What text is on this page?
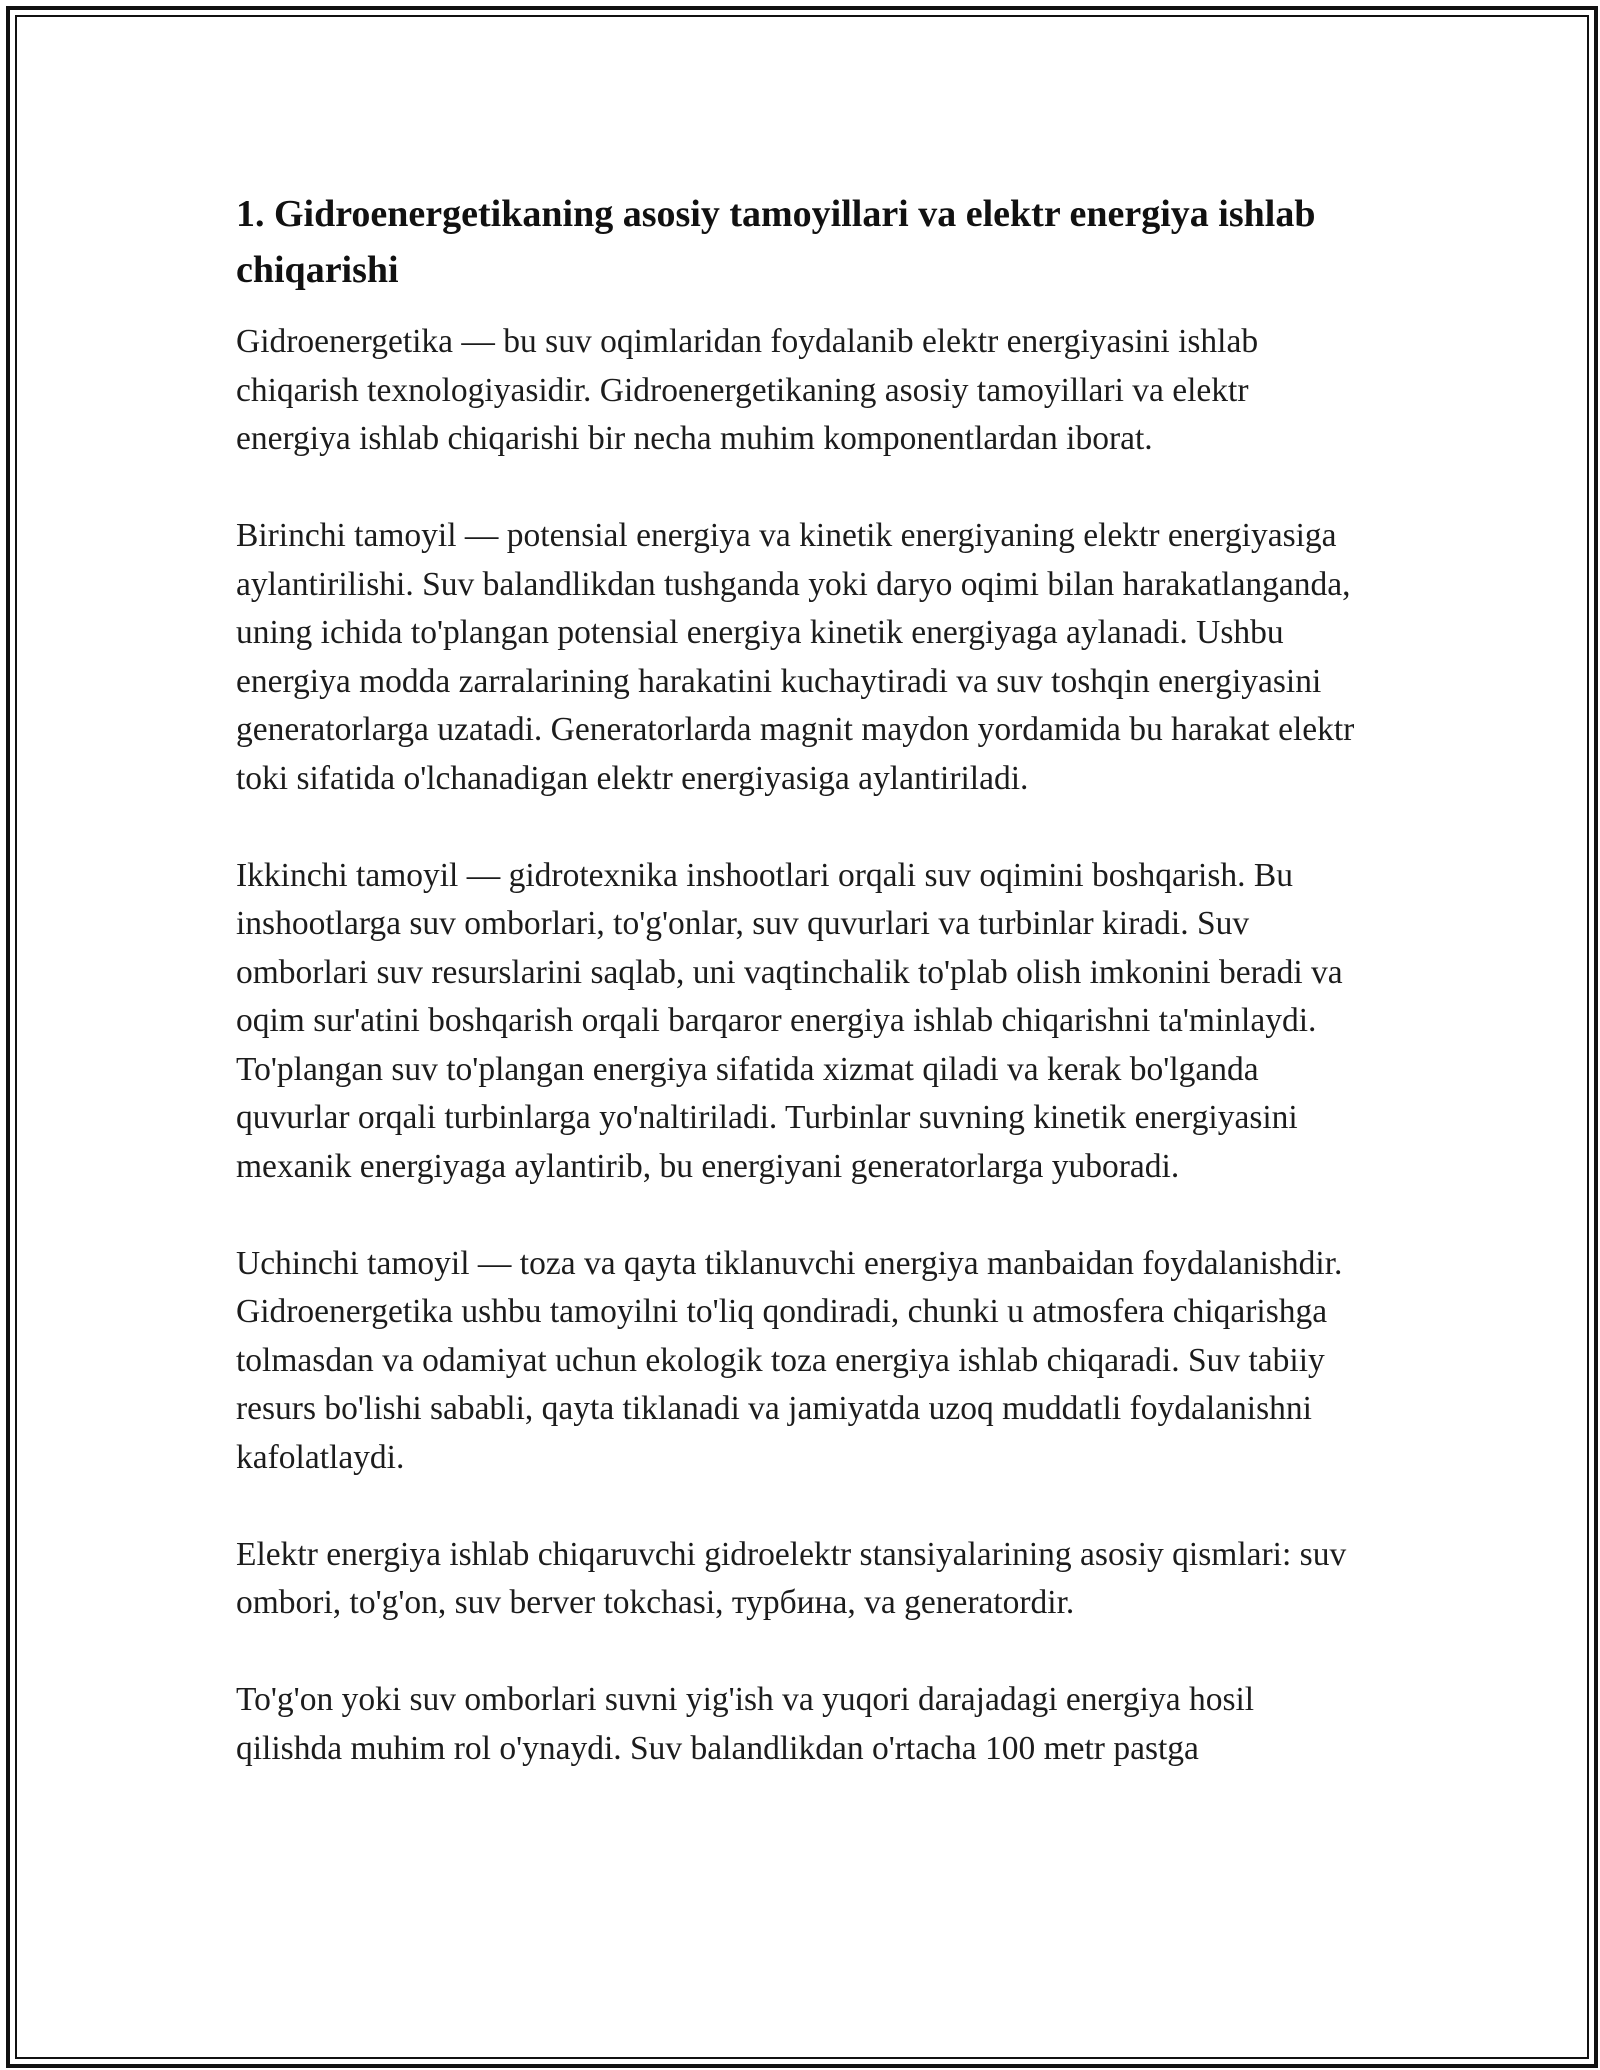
1. Gidroenergetikaning asosiy tamoyillari va elektr energiya ishlab chiqarishi

Gidroenergetika — bu suv oqimlaridan foydalanib elektr energiyasini ishlab chiqarish texnologiyasidir. Gidroenergetikaning asosiy tamoyillari va elektr energiya ishlab chiqarishi bir necha muhim komponentlardan iborat.

Birinchi tamoyil — potensial energiya va kinetik energiyaning elektr energiyasiga aylantirilishi. Suv balandlikdan tushganda yoki daryo oqimi bilan harakatlanganda, uning ichida to'plangan potensial energiya kinetik energiyaga aylanadi. Ushbu energiya modda zarralarining harakatini kuchaytiradi va suv toshqin energiyasini generatorlarga uzatadi. Generatorlarda magnit maydon yordamida bu harakat elektr toki sifatida o'lchanadigan elektr energiyasiga aylantiriladi.

Ikkinchi tamoyil — gidrotexnika inshootlari orqali suv oqimini boshqarish. Bu inshootlarga suv omborlari, to'g'onlar, suv quvurlari va turbinlar kiradi. Suv omborlari suv resurslarini saqlab, uni vaqtinchalik to'plab olish imkonini beradi va oqim sur'atini boshqarish orqali barqaror energiya ishlab chiqarishni ta'minlaydi. To'plangan suv to'plangan energiya sifatida xizmat qiladi va kerak bo'lganda quvurlar orqali turbinlarga yo'naltiriladi. Turbinlar suvning kinetik energiyasini mexanik energiyaga aylantirib, bu energiyani generatorlarga yuboradi.

Uchinchi tamoyil — toza va qayta tiklanuvchi energiya manbaidan foydalanishdir. Gidroenergetika ushbu tamoyilni to'liq qondiradi, chunki u atmosfera chiqarishga tolmasdan va odamiyat uchun ekologik toza energiya ishlab chiqaradi. Suv tabiiy resurs bo'lishi sababli, qayta tiklanadi va jamiyatda uzoq muddatli foydalanishni kafolatlaydi.

Elektr energiya ishlab chiqaruvchi gidroelektr stansiyalarining asosiy qismlari: suv ombori, to'g'on, suv berver tokchasi, турбина, va generatordir.

To'g'on yoki suv omborlari suvni yig'ish va yuqori darajadagi energiya hosil qilishda muhim rol o'ynaydi. Suv balandlikdan o'rtacha 100 metr pastga
